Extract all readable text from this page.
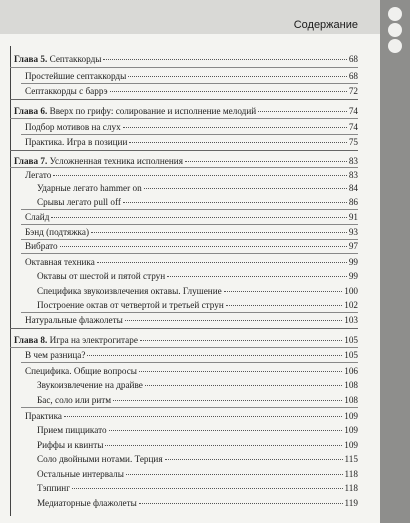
Содержание
Глава 5. Септаккорды	68
Простейшие септаккорды	68
Септаккорды с баррэ	72
Глава 6. Вверх по грифу: солирование и исполнение мелодий	74
Подбор мотивов на слух	74
Практика. Игра в позиции	75
Глава 7. Усложненная техника исполнения	83
Легато	83
Ударные легато hammer on	84
Срывы легато pull off	86
Слайд	91
Бэнд (подтяжка)	93
Вибрато	97
Октавная техника	99
Октавы от шестой и пятой струн	99
Специфика звукоизвлечения октавы. Глушение	100
Построение октав от четвертой и третьей струн	102
Натуральные флажолеты	103
Глава 8. Игра на электрогитаре	105
В чем разница?	105
Специфика. Общие вопросы	106
Звукоизвлечение на драйве	108
Бас, соло или ритм	108
Практика	109
Прием пиццикато	109
Риффы и квинты	109
Соло двойными нотами. Терция	115
Остальные интервалы	118
Тэппинг	118
Медиаторные флажолеты	119
